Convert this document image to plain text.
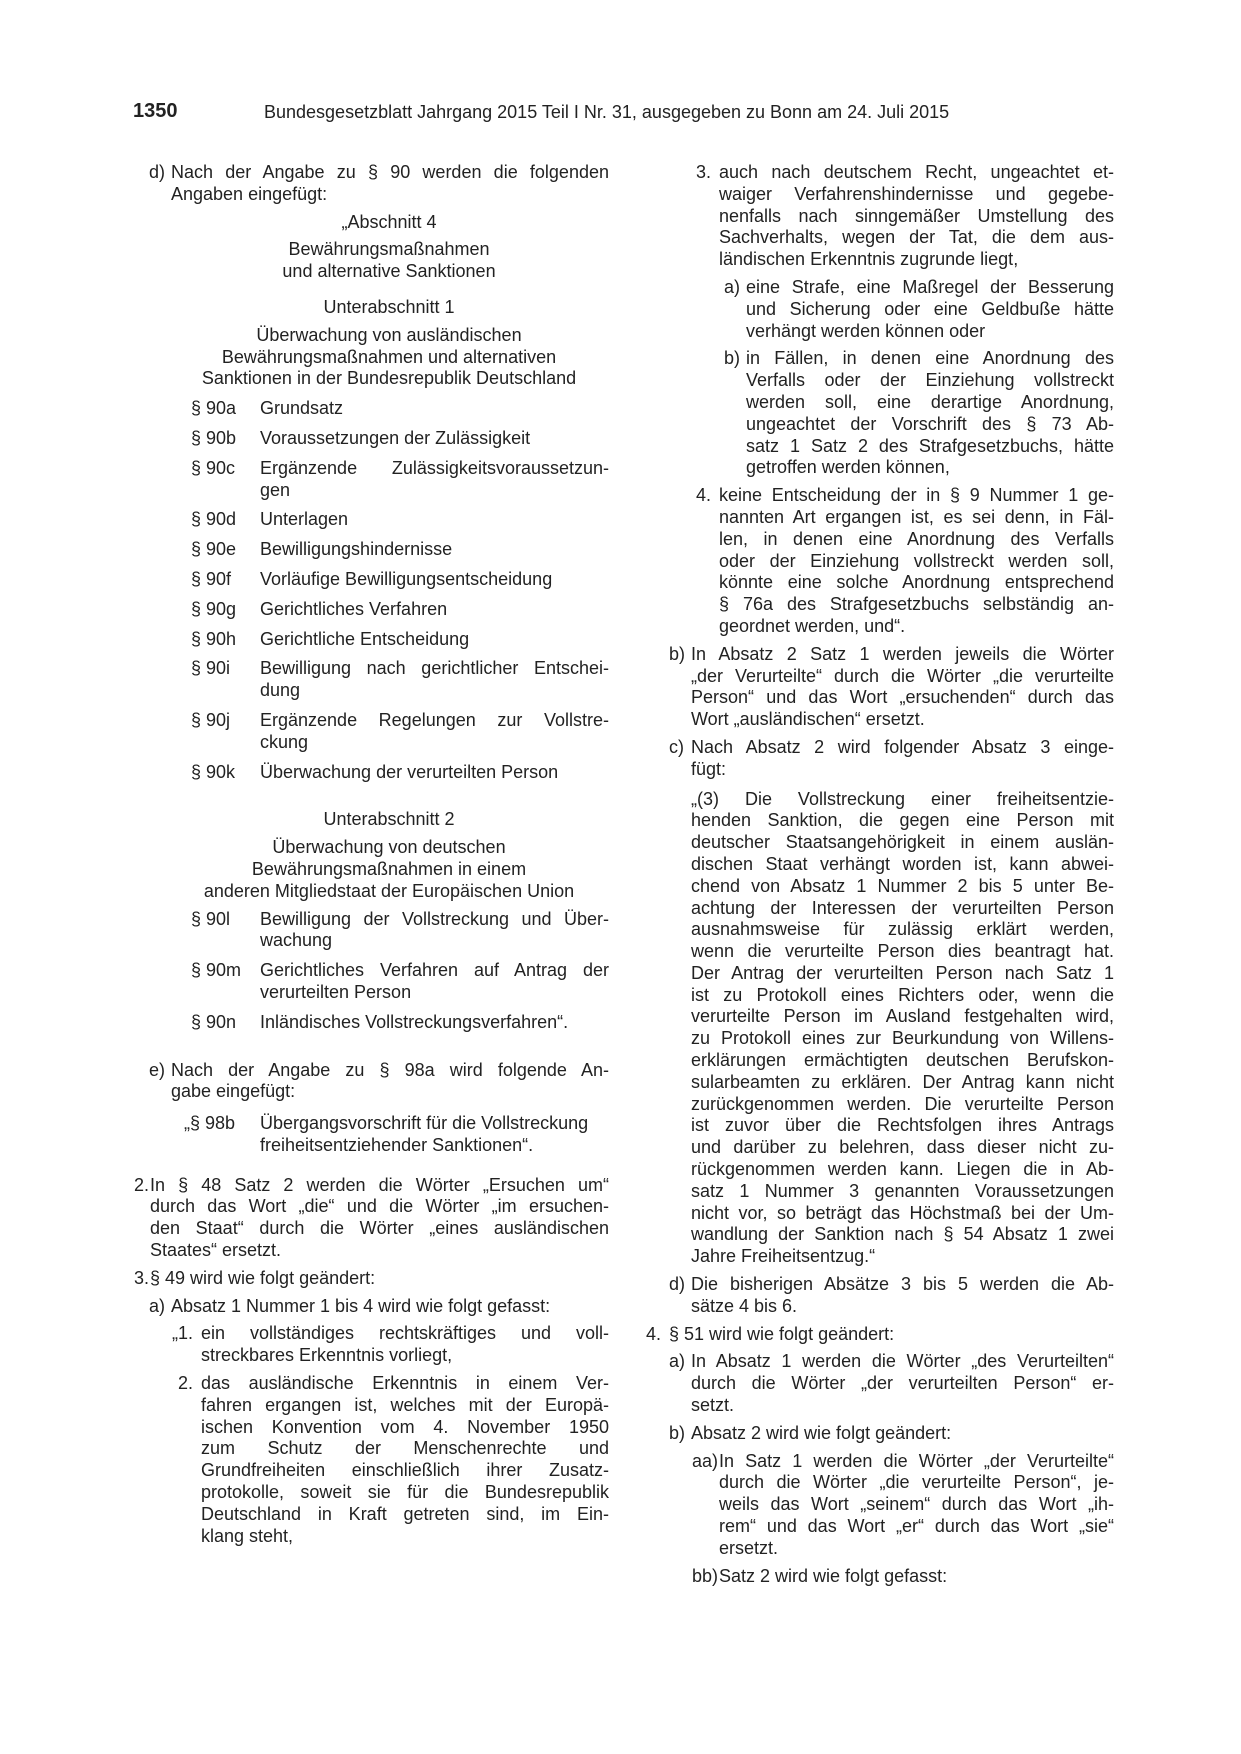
1350	Bundesgesetzblatt Jahrgang 2015 Teil I Nr. 31, ausgegeben zu Bonn am 24. Juli 2015
d) Nach der Angabe zu § 90 werden die folgenden
Angaben eingefügt:
„Abschnitt 4
Bewährungsmaßnahmen
und alternative Sanktionen
Unterabschnitt 1
Überwachung von ausländischen
Bewährungsmaßnahmen und alternativen
Sanktionen in der Bundesrepublik Deutschland
§ 90a Grundsatz
§ 90b Voraussetzungen der Zulässigkeit
§ 90c Ergänzende Zulässigkeitsvoraussetzun-
gen
§ 90d Unterlagen
§ 90e Bewilligungshindernisse
§ 90f Vorläufige Bewilligungsentscheidung
§ 90g Gerichtliches Verfahren
§ 90h Gerichtliche Entscheidung
§ 90i Bewilligung nach gerichtlicher Entschei-
dung
§ 90j Ergänzende Regelungen zur Vollstre-
ckung
§ 90k Überwachung der verurteilten Person
Unterabschnitt 2
Überwachung von deutschen
Bewährungsmaßnahmen in einem
anderen Mitgliedstaat der Europäischen Union
§ 90l Bewilligung der Vollstreckung und Über-
wachung
§ 90m Gerichtliches Verfahren auf Antrag der
verurteilten Person
§ 90n Inländisches Vollstreckungsverfahren“.
e) Nach der Angabe zu § 98a wird folgende An-
gabe eingefügt:
„§ 98b Übergangsvorschrift für die Vollstreckung
freiheitsentziehender Sanktionen“.
2. In § 48 Satz 2 werden die Wörter „Ersuchen um“
durch das Wort „die“ und die Wörter „im ersuchen-
den Staat“ durch die Wörter „eines ausländischen
Staates“ ersetzt.
3. § 49 wird wie folgt geändert:
a) Absatz 1 Nummer 1 bis 4 wird wie folgt gefasst:
„1. ein vollständiges rechtskräftiges und voll-
streckbares Erkenntnis vorliegt,
2. das ausländische Erkenntnis in einem Ver-
fahren ergangen ist, welches mit der Europä-
ischen Konvention vom 4. November 1950
zum Schutz der Menschenrechte und
Grundfreiheiten einschließlich ihrer Zusatz-
protokolle, soweit sie für die Bundesrepublik
Deutschland in Kraft getreten sind, im Ein-
klang steht,
3. auch nach deutschem Recht, ungeachtet et-
waiger Verfahrenshindernisse und gegebe-
nenfalls nach sinngemäßer Umstellung des
Sachverhalts, wegen der Tat, die dem aus-
ländischen Erkenntnis zugrunde liegt,
a) eine Strafe, eine Maßregel der Besserung
und Sicherung oder eine Geldbuße hätte
verhängt werden können oder
b) in Fällen, in denen eine Anordnung des
Verfalls oder der Einziehung vollstreckt
werden soll, eine derartige Anordnung,
ungeachtet der Vorschrift des § 73 Ab-
satz 1 Satz 2 des Strafgesetzbuchs, hätte
getroffen werden können,
4. keine Entscheidung der in § 9 Nummer 1 ge-
nannten Art ergangen ist, es sei denn, in Fäl-
len, in denen eine Anordnung des Verfalls
oder der Einziehung vollstreckt werden soll,
könnte eine solche Anordnung entsprechend
§ 76a des Strafgesetzbuchs selbständig an-
geordnet werden, und“.
b) In Absatz 2 Satz 1 werden jeweils die Wörter
„der Verurteilte“ durch die Wörter „die verurteilte
Person“ und das Wort „ersuchenden“ durch das
Wort „ausländischen“ ersetzt.
c) Nach Absatz 2 wird folgender Absatz 3 einge-
fügt:
„(3) Die Vollstreckung einer freiheitsentzie-
henden Sanktion, die gegen eine Person mit
deutscher Staatsangehörigkeit in einem auslän-
dischen Staat verhängt worden ist, kann abwei-
chend von Absatz 1 Nummer 2 bis 5 unter Be-
achtung der Interessen der verurteilten Person
ausnahmsweise für zulässig erklärt werden,
wenn die verurteilte Person dies beantragt hat.
Der Antrag der verurteilten Person nach Satz 1
ist zu Protokoll eines Richters oder, wenn die
verurteilte Person im Ausland festgehalten wird,
zu Protokoll eines zur Beurkundung von Willens-
erklärungen ermächtigten deutschen Berufskon-
sularbeamten zu erklären. Der Antrag kann nicht
zurückgenommen werden. Die verurteilte Person
ist zuvor über die Rechtsfolgen ihres Antrags
und darüber zu belehren, dass dieser nicht zu-
rückgenommen werden kann. Liegen die in Ab-
satz 1 Nummer 3 genannten Voraussetzungen
nicht vor, so beträgt das Höchstmaß bei der Um-
wandlung der Sanktion nach § 54 Absatz 1 zwei
Jahre Freiheitsentzug.“
d) Die bisherigen Absätze 3 bis 5 werden die Ab-
sätze 4 bis 6.
4. § 51 wird wie folgt geändert:
a) In Absatz 1 werden die Wörter „des Verurteilten“
durch die Wörter „der verurteilten Person“ er-
setzt.
b) Absatz 2 wird wie folgt geändert:
aa) In Satz 1 werden die Wörter „der Verurteilte“
durch die Wörter „die verurteilte Person“, je-
weils das Wort „seinem“ durch das Wort „ih-
rem“ und das Wort „er“ durch das Wort „sie“
ersetzt.
bb) Satz 2 wird wie folgt gefasst:
